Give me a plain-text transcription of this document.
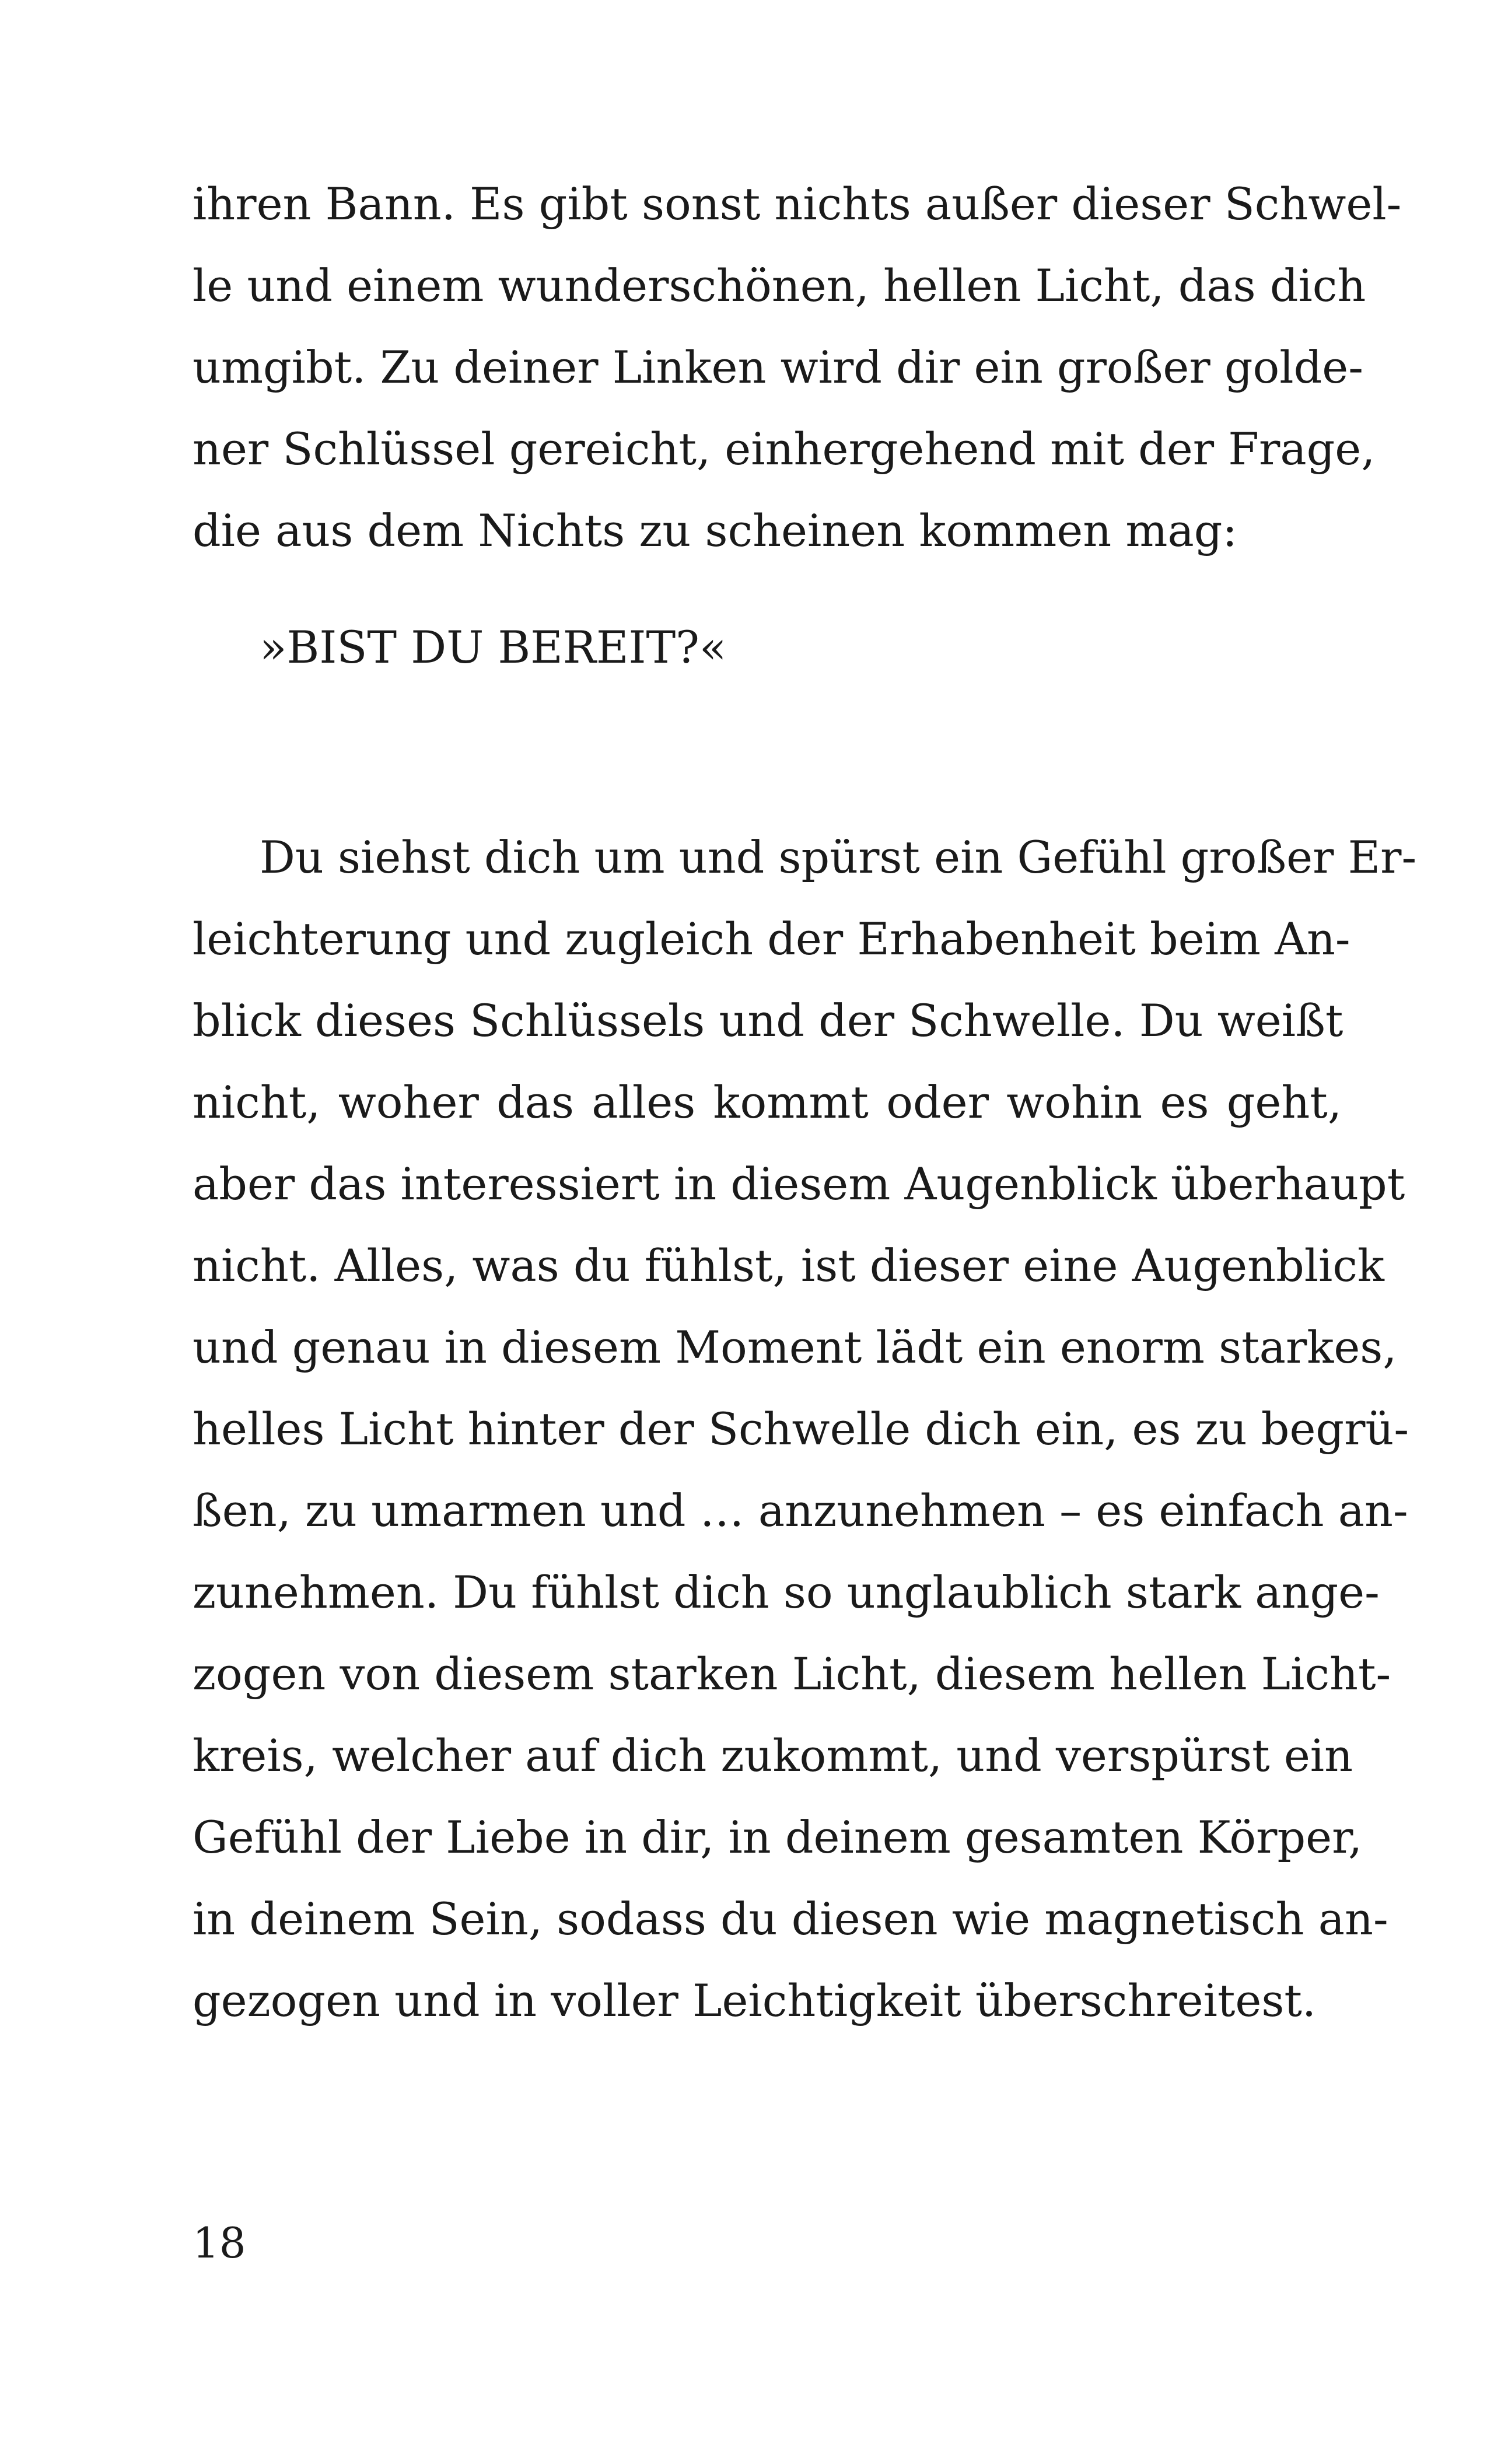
ihren Bann. Es gibt sonst nichts außer dieser Schwel-
le und einem wunderschönen, hellen Licht, das dich
umgibt. Zu deiner Linken wird dir ein großer golde-
ner Schlüssel gereicht, einhergehend mit der Frage,
die aus dem Nichts zu scheinen kommen mag:
»BIST DU BEREIT?«
Du siehst dich um und spürst ein Gefühl großer Er-
leichterung und zugleich der Erhabenheit beim An-
blick dieses Schlüssels und der Schwelle. Du weißt
nicht, woher das alles kommt oder wohin es geht,
aber das interessiert in diesem Augenblick überhaupt
nicht. Alles, was du fühlst, ist dieser eine Augenblick
und genau in diesem Moment lädt ein enorm starkes,
helles Licht hinter der Schwelle dich ein, es zu begrü-
ßen, zu umarmen und … anzunehmen – es einfach an-
zunehmen. Du fühlst dich so unglaublich stark ange-
zogen von diesem starken Licht, diesem hellen Licht-
kreis, welcher auf dich zukommt, und verspürst ein
Gefühl der Liebe in dir, in deinem gesamten Körper,
in deinem Sein, sodass du diesen wie magnetisch an-
gezogen und in voller Leichtigkeit überschreitest.
18
